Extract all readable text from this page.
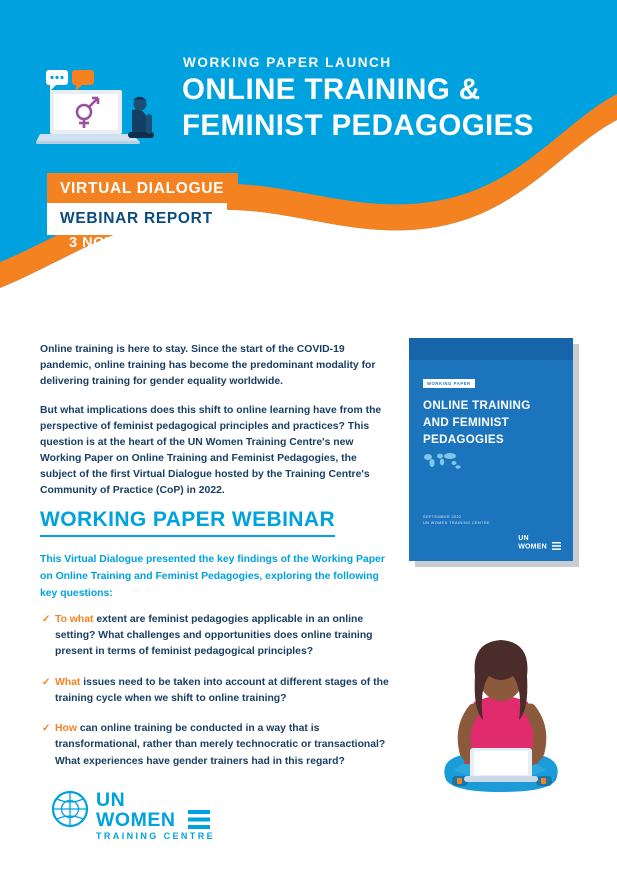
WORKING PAPER LAUNCH
ONLINE TRAINING &
FEMINIST PEDAGOGIES
VIRTUAL DIALOGUE
WEBINAR REPORT
3 NOVEMBER 2022

Online training is here to stay. Since the start of the COVID-19 pandemic, online training has become the predominant modality for delivering training for gender equality worldwide.

But what implications does this shift to online learning have from the perspective of feminist pedagogical principles and practices? This question is at the heart of the UN Women Training Centre's new Working Paper on Online Training and Feminist Pedagogies, the subject of the first Virtual Dialogue hosted by the Training Centre's Community of Practice (CoP) in 2022.

WORKING PAPER WEBINAR
This Virtual Dialogue presented the key findings of the Working Paper on Online Training and Feminist Pedagogies, exploring the following key questions:
✓ To what extent are feminist pedagogies applicable in an online setting? What challenges and opportunities does online training present in terms of feminist pedagogical principles?
✓ What issues need to be taken into account at different stages of the training cycle when we shift to online training?
✓ How can online training be conducted in a way that is transformational, rather than merely technocratic or transactional? What experiences have gender trainers had in this regard?
WORKING PAPER
ONLINE TRAINING AND FEMINIST PEDAGOGIES
SEPTEMBER 2022
UN WOMEN TRAINING CENTRE
UN
WOMEN
UN
WOMEN
TRAINING CENTRE
